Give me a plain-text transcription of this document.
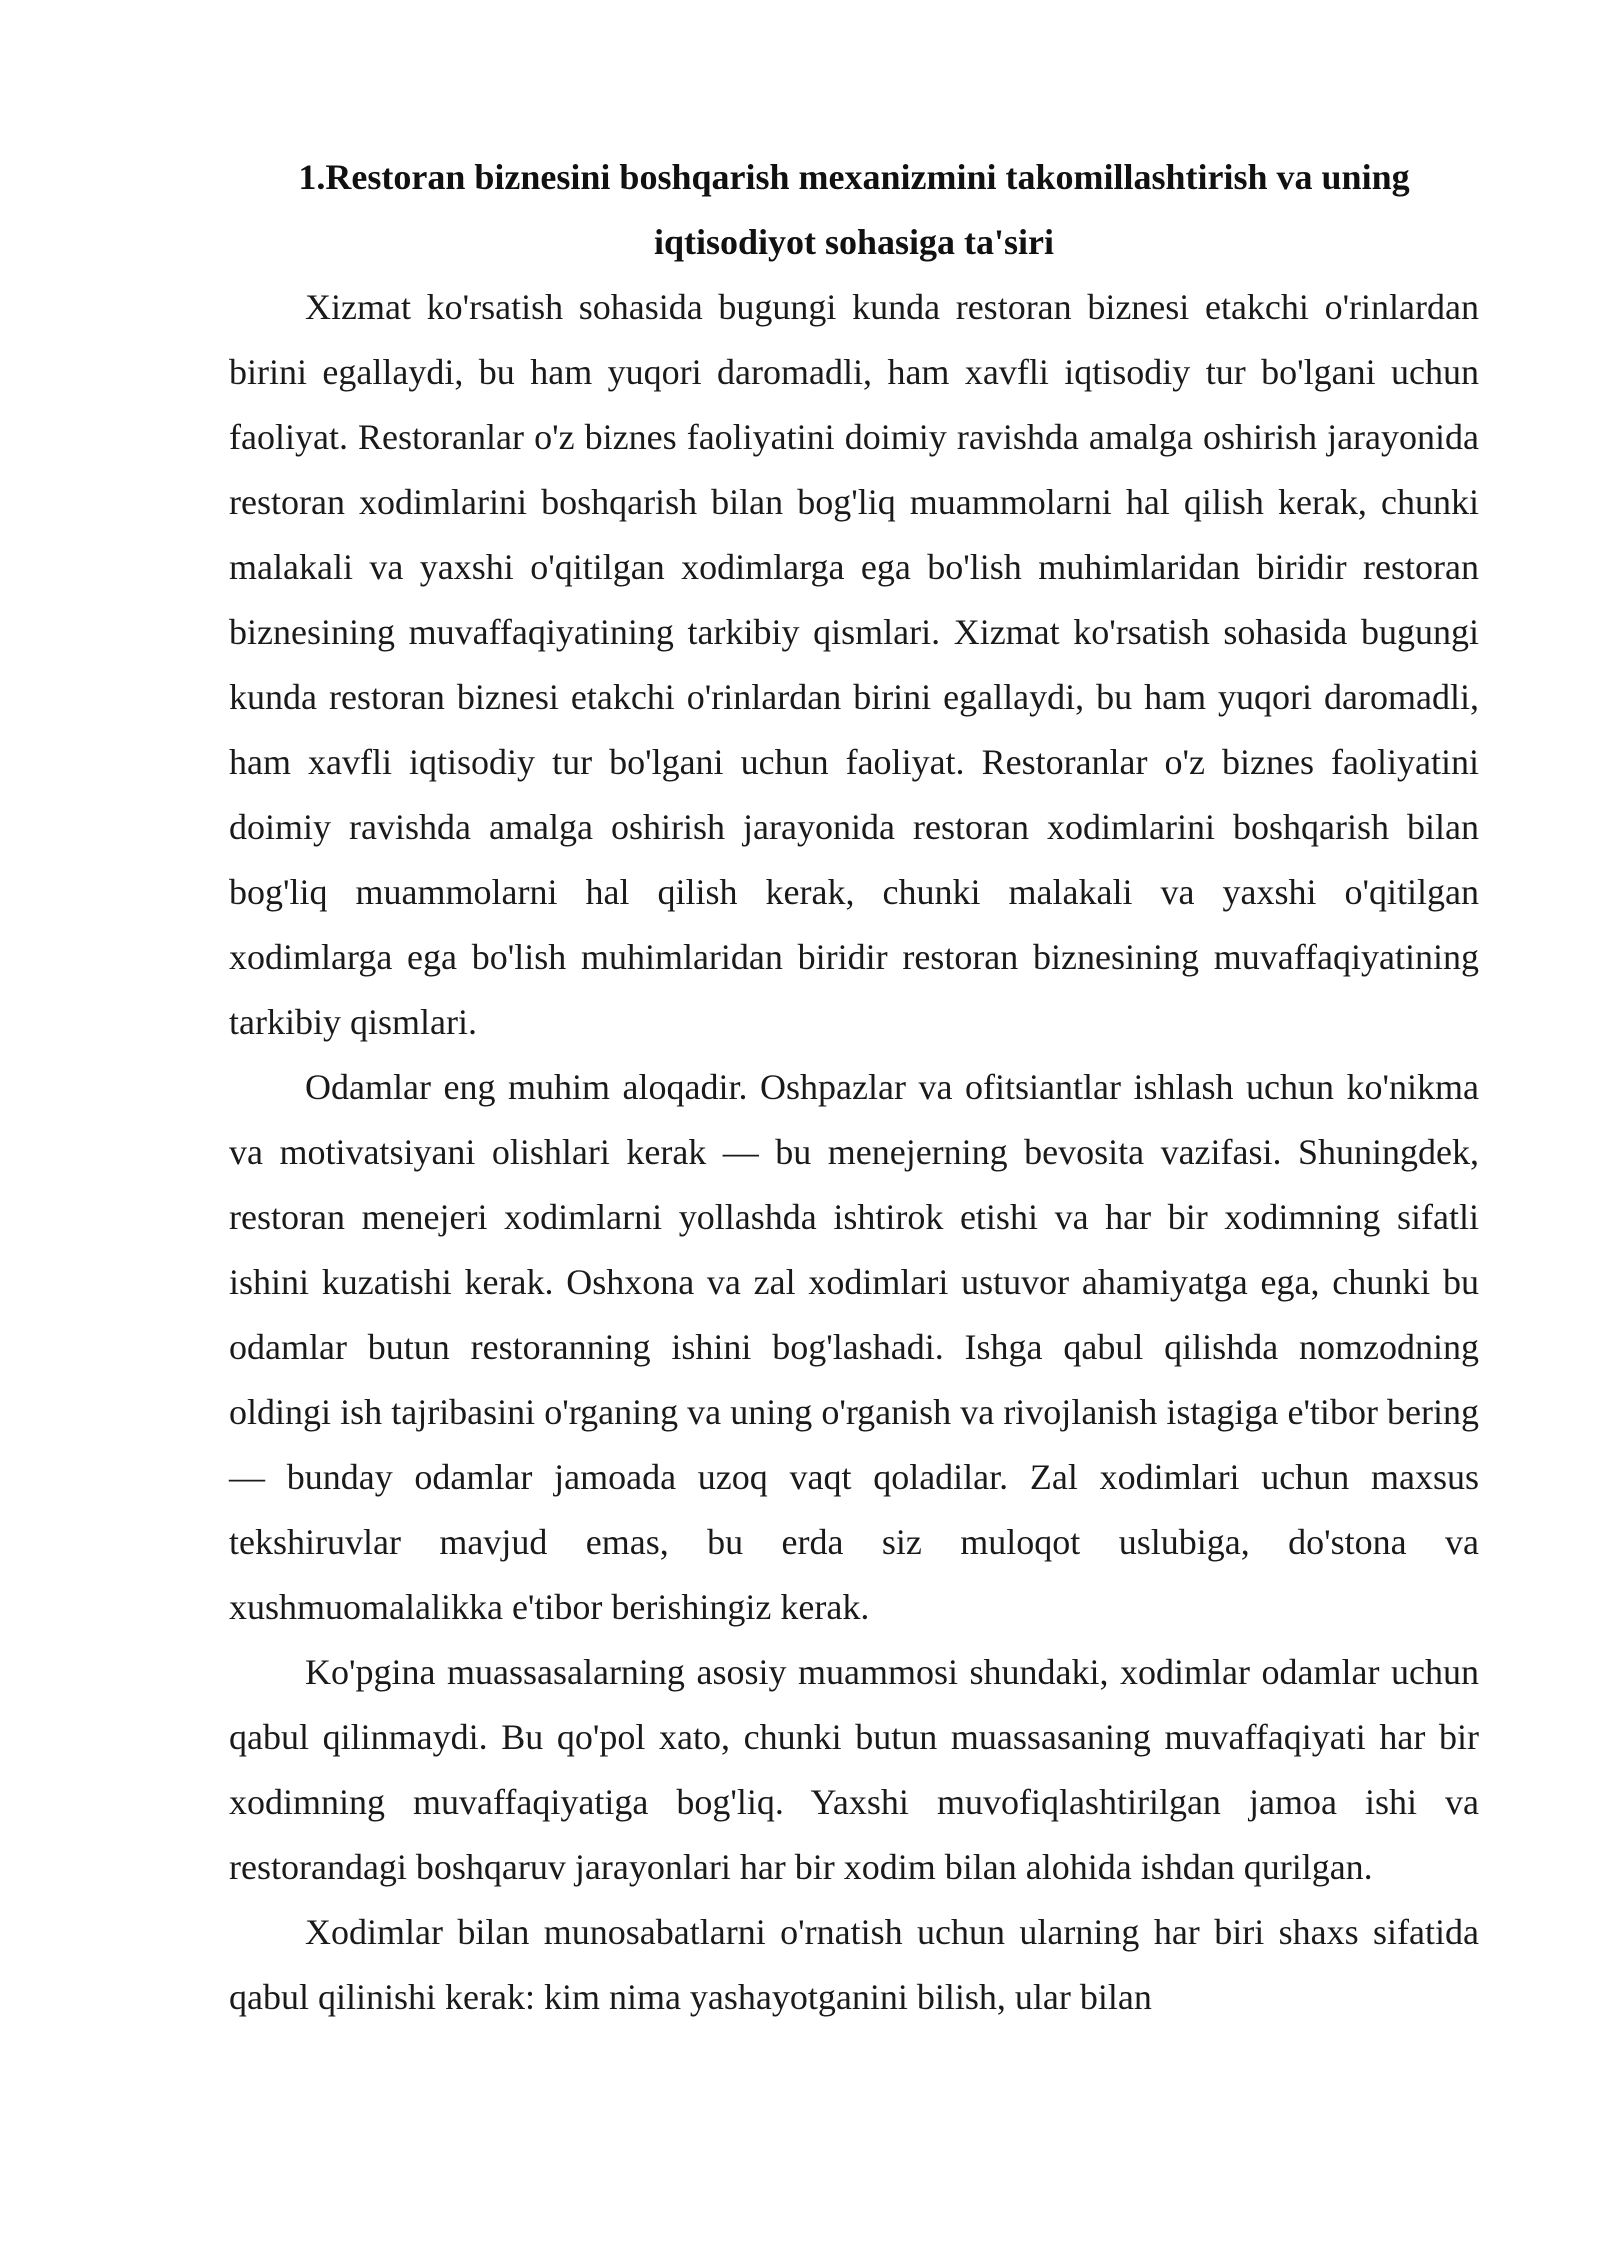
1.Restoran biznesini boshqarish mexanizmini takomillashtirish va uning
iqtisodiyot sohasiga ta'siri

Xizmat ko'rsatish sohasida bugungi kunda restoran biznesi etakchi o'rinlardan birini egallaydi, bu ham yuqori daromadli, ham xavfli iqtisodiy tur bo'lgani uchun faoliyat. Restoranlar o'z biznes faoliyatini doimiy ravishda amalga oshirish jarayonida restoran xodimlarini boshqarish bilan bog'liq muammolarni hal qilish kerak, chunki malakali va yaxshi o'qitilgan xodimlarga ega bo'lish muhimlaridan biridir restoran biznesining muvaffaqiyatining tarkibiy qismlari. Xizmat ko'rsatish sohasida bugungi kunda restoran biznesi etakchi o'rinlardan birini egallaydi, bu ham yuqori daromadli, ham xavfli iqtisodiy tur bo'lgani uchun faoliyat. Restoranlar o'z biznes faoliyatini doimiy ravishda amalga oshirish jarayonida restoran xodimlarini boshqarish bilan bog'liq muammolarni hal qilish kerak, chunki malakali va yaxshi o'qitilgan xodimlarga ega bo'lish muhimlaridan biridir restoran biznesining muvaffaqiyatining tarkibiy qismlari.

Odamlar eng muhim aloqadir. Oshpazlar va ofitsiantlar ishlash uchun ko'nikma va motivatsiyani olishlari kerak — bu menejerning bevosita vazifasi. Shuningdek, restoran menejeri xodimlarni yollashda ishtirok etishi va har bir xodimning sifatli ishini kuzatishi kerak. Oshxona va zal xodimlari ustuvor ahamiyatga ega, chunki bu odamlar butun restoranning ishini bog'lashadi. Ishga qabul qilishda nomzodning oldingi ish tajribasini o'rganing va uning o'rganish va rivojlanish istagiga e'tibor bering — bunday odamlar jamoada uzoq vaqt qoladilar. Zal xodimlari uchun maxsus tekshiruvlar mavjud emas, bu erda siz muloqot uslubiga, do'stona va xushmuomalalikka e'tibor berishingiz kerak.

Ko'pgina muassasalarning asosiy muammosi shundaki, xodimlar odamlar uchun qabul qilinmaydi. Bu qo'pol xato, chunki butun muassasaning muvaffaqiyati har bir xodimning muvaffaqiyatiga bog'liq. Yaxshi muvofiqlashtirilgan jamoa ishi va restorandagi boshqaruv jarayonlari har bir xodim bilan alohida ishdan qurilgan.

Xodimlar bilan munosabatlarni o'rnatish uchun ularning har biri shaxs sifatida qabul qilinishi kerak: kim nima yashayotganini bilish, ular bilan
